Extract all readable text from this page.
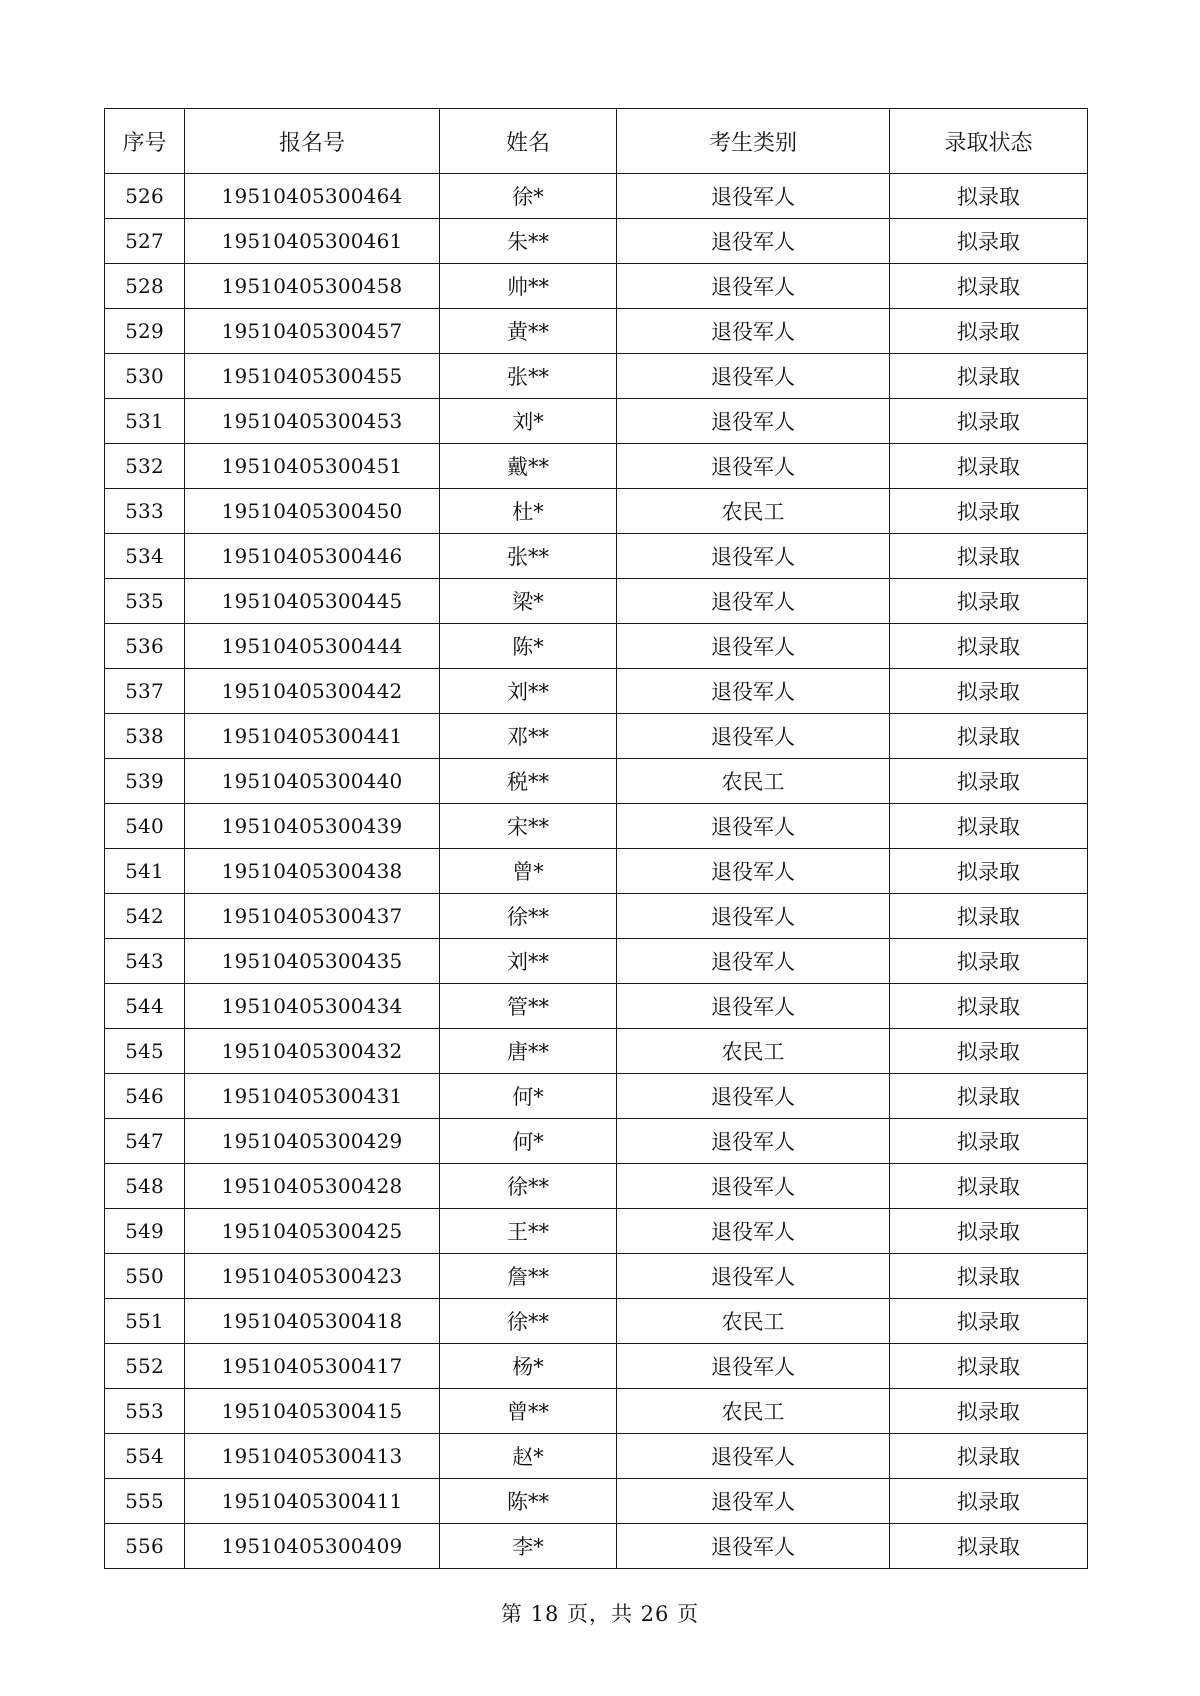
序号	报名号	姓名	考生类别	录取状态
526	19510405300464	徐*	退役军人	拟录取
527	19510405300461	朱**	退役军人	拟录取
528	19510405300458	帅**	退役军人	拟录取
529	19510405300457	黄**	退役军人	拟录取
530	19510405300455	张**	退役军人	拟录取
531	19510405300453	刘*	退役军人	拟录取
532	19510405300451	戴**	退役军人	拟录取
533	19510405300450	杜*	农民工	拟录取
534	19510405300446	张**	退役军人	拟录取
535	19510405300445	梁*	退役军人	拟录取
536	19510405300444	陈*	退役军人	拟录取
537	19510405300442	刘**	退役军人	拟录取
538	19510405300441	邓**	退役军人	拟录取
539	19510405300440	税**	农民工	拟录取
540	19510405300439	宋**	退役军人	拟录取
541	19510405300438	曾*	退役军人	拟录取
542	19510405300437	徐**	退役军人	拟录取
543	19510405300435	刘**	退役军人	拟录取
544	19510405300434	管**	退役军人	拟录取
545	19510405300432	唐**	农民工	拟录取
546	19510405300431	何*	退役军人	拟录取
547	19510405300429	何*	退役军人	拟录取
548	19510405300428	徐**	退役军人	拟录取
549	19510405300425	王**	退役军人	拟录取
550	19510405300423	詹**	退役军人	拟录取
551	19510405300418	徐**	农民工	拟录取
552	19510405300417	杨*	退役军人	拟录取
553	19510405300415	曾**	农民工	拟录取
554	19510405300413	赵*	退役军人	拟录取
555	19510405300411	陈**	退役军人	拟录取
556	19510405300409	李*	退役军人	拟录取
第 18 页，共 26 页
